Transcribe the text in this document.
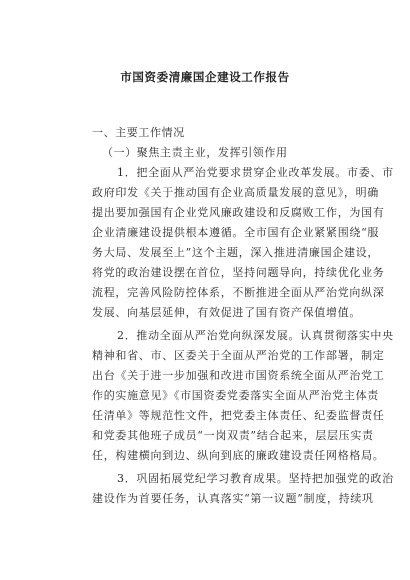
市国资委清廉国企建设工作报告
一、主要工作情况
（一）聚焦主责主业，发挥引领作用
1．把全面从严治党要求贯穿企业改革发展。市委、市
政府印发《关于推动国有企业高质量发展的意见》，明确
提出要加强国有企业党风廉政建设和反腐败工作，为国有
企业清廉建设提供根本遵循。全市国有企业紧紧围绕“服
务大局、发展至上”这个主题，深入推进清廉国企建设，
将党的政治建设摆在首位，坚持问题导向，持续优化业务
流程，完善风险防控体系，不断推进全面从严治党向纵深
发展、向基层延伸，有效促进了国有资产保值增值。
2．推动全面从严治党向纵深发展。认真贯彻落实中央
精神和省、市、区委关于全面从严治党的工作部署，制定
出台《关于进一步加强和改进市国资系统全面从严治党工
作的实施意见》《市国资委党委落实全面从严治党主体责
任清单》等规范性文件，把党委主体责任、纪委监督责任
和党委其他班子成员“一岗双责”结合起来，层层压实责
任，构建横向到边、纵向到底的廉政建设责任网格格局。
3．巩固拓展党纪学习教育成果。坚持把加强党的政治
建设作为首要任务，认真落实“第一议题”制度，持续巩
